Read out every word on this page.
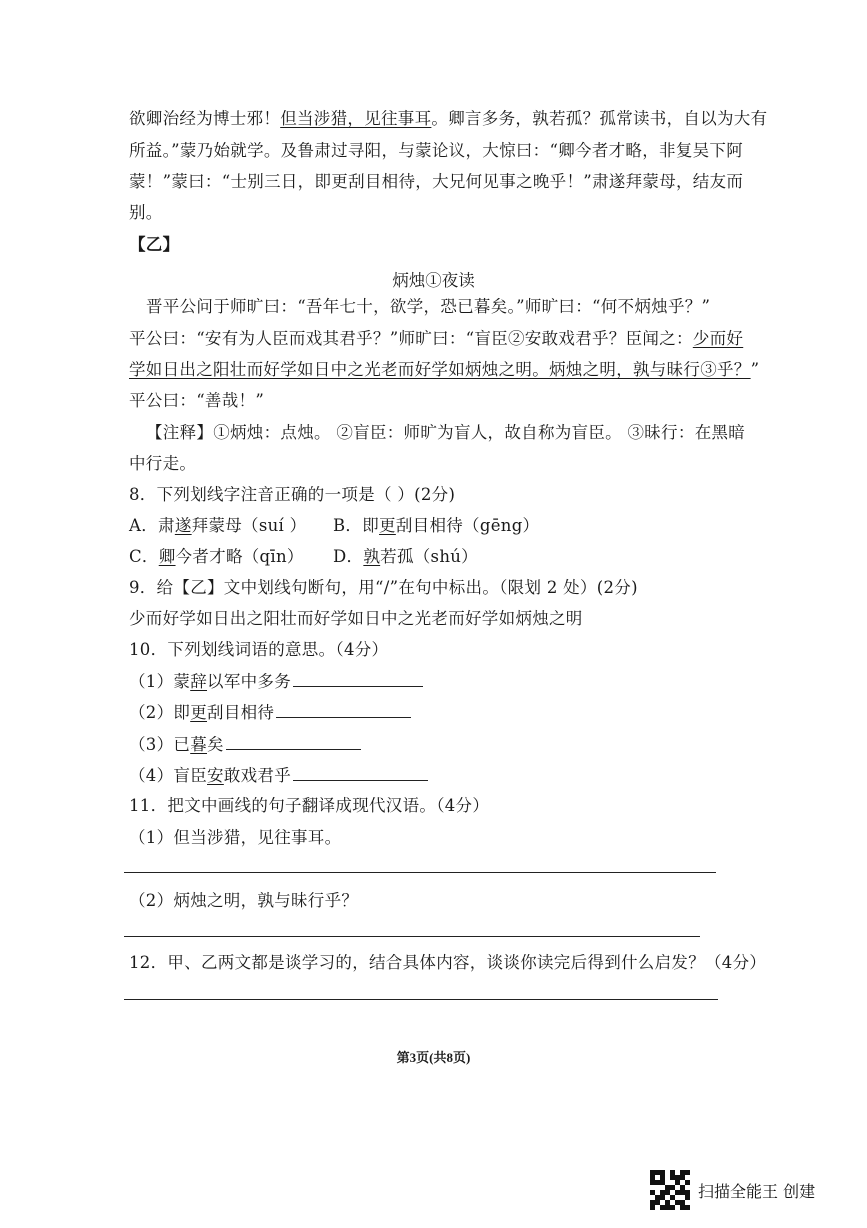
欲卿治经为博士邪！但当涉猎，见往事耳。卿言多务，孰若孤？孤常读书，自以为大有
所益。”蒙乃始就学。及鲁肃过寻阳，与蒙论议，大惊曰：“卿今者才略，非复吴下阿
蒙！”蒙曰：“士别三日，即更刮目相待，大兄何见事之晚乎！”肃遂拜蒙母，结友而
别。
【乙】
炳烛①夜读
晋平公问于师旷曰：“吾年七十，欲学，恐已暮矣。”师旷曰：“何不炳烛乎？”
平公曰：“安有为人臣而戏其君乎？”师旷曰：“盲臣②安敢戏君乎？臣闻之：少而好
学如日出之阳壮而好学如日中之光老而好学如炳烛之明。炳烛之明，孰与昧行③乎？”
平公曰：“善哉！”
【注释】①炳烛：点烛。 ②盲臣：师旷为盲人，故自称为盲臣。 ③昧行：在黑暗
中行走。
8．下列划线字注音正确的一项是（ ）(2分)
A．肃遂拜蒙母（suí ） B．即更刮目相待（gēng）
C．卿今者才略（qīn） D．孰若孤（shú）
9．给【乙】文中划线句断句，用“/”在句中标出。（限划 2 处）(2分)
少而好学如日出之阳壮而好学如日中之光老而好学如炳烛之明
10．下列划线词语的意思。（4分）
（1）蒙辞以军中多务
（2）即更刮目相待
（3）已暮矣
（4）盲臣安敢戏君乎
11．把文中画线的句子翻译成现代汉语。（4分）
（1）但当涉猎，见往事耳。
（2）炳烛之明，孰与昧行乎？
12．甲、乙两文都是谈学习的，结合具体内容，谈谈你读完后得到什么启发？（4分）
第3页(共8页)
扫描全能王 创建
